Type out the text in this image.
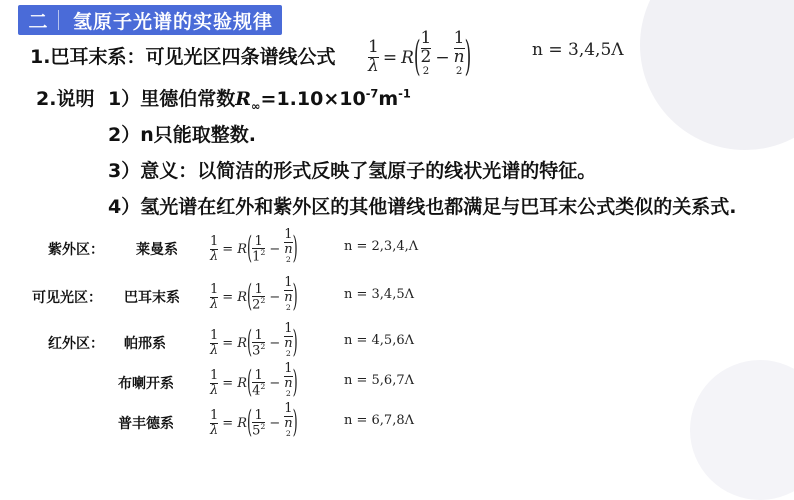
二	氢原子光谱的实验规律
1.巴耳末系：可见光区四条谱线公式 $\frac{1}{\lambda} = R$ ( 1
2
$^2$ − 1
n
$^2$ )	n = 3,4,5Λ
2.说明 1）里德伯常数$R_\infty=1.10\times 10^{-7}m^{-1}$
2）n只能取整数.
3）意义：以简洁的形式反映了氢原子的线状光谱的特征。
4）氢光谱在红外和紫外区的其他谱线也都满足与巴耳末公式类似的关系式.
紫外区： 莱曼系 $\frac{1}{\lambda} = R$ ( $\frac{1}{1^2} - 1$
n
$^2$ )	n = 2,3,4,Λ
可见光区： 巴耳末系 $\frac{1}{\lambda} = R$ ( $\frac{1}{2^2} - 1$
n
$^2$ )	n = 3,4,5Λ
红外区： 帕邢系	$\frac{1}{\lambda} = R$ ( $\frac{1}{3^2} - 1$
n
$^2$ )	n = 4,5,6Λ
布喇开系	$\frac{1}{\lambda} = R$ ( $\frac{1}{4^2} - 1$
n
$^2$ )	n = 5,6,7Λ
普丰德系	$\frac{1}{\lambda} = R$ ( $\frac{1}{5^2} - 1$
n
$^2$ )	n = 6,7,8Λ
